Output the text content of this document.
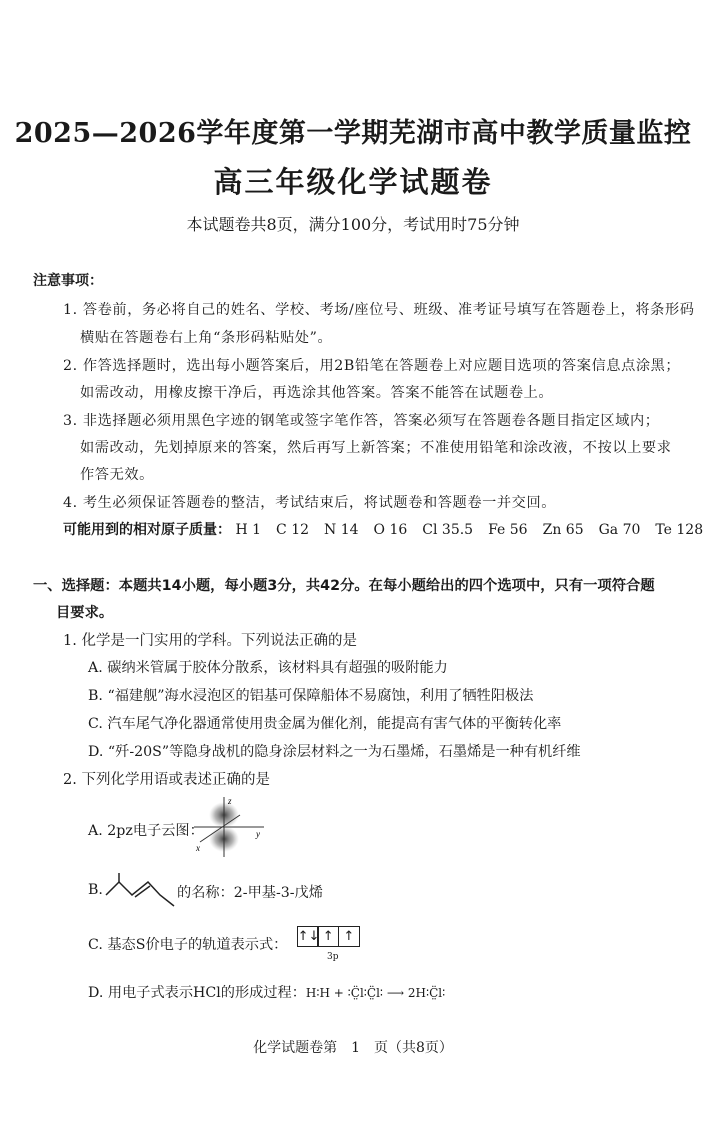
2025—2026学年度第一学期芜湖市高中教学质量监控
高三年级化学试题卷
本试题卷共8页，满分100分，考试用时75分钟
注意事项：
1. 答卷前，务必将自己的姓名、学校、考场/座位号、班级、准考证号填写在答题卷上，将条形码
横贴在答题卷右上角“条形码粘贴处”。
2. 作答选择题时，选出每小题答案后，用2B铅笔在答题卷上对应题目选项的答案信息点涂黑；
如需改动，用橡皮擦干净后，再选涂其他答案。答案不能答在试题卷上。
3. 非选择题必须用黑色字迹的钢笔或签字笔作答，答案必须写在答题卷各题目指定区域内；
如需改动，先划掉原来的答案，然后再写上新答案；不准使用铅笔和涂改液，不按以上要求
作答无效。
4. 考生必须保证答题卷的整洁，考试结束后，将试题卷和答题卷一并交回。
可能用到的相对原子质量： H 1 C 12 N 14 O 16 Cl 35.5 Fe 56 Zn 65 Ga 70 Te 128
一、选择题：本题共14小题，每小题3分，共42分。在每小题给出的四个选项中，只有一项符合题
目要求。
1. 化学是一门实用的学科。下列说法正确的是
A. 碳纳米管属于胶体分散系，该材料具有超强的吸附能力
B. “福建舰”海水浸泡区的铝基可保障船体不易腐蚀，利用了牺牲阳极法
C. 汽车尾气净化器通常使用贵金属为催化剂，能提高有害气体的平衡转化率
D. “歼-20S”等隐身战机的隐身涂层材料之一为石墨烯，石墨烯是一种有机纤维
2. 下列化学用语或表述正确的是
A. 2pz电子云图：
z
y
x
B.	的名称：2-甲基-3-戊烯
C. 基态S价电子的轨道表示式：
↑↓ ↑ ↑
3p
D. 用电子式表示HCl的形成过程：H∶H + ∶C̤̈l∶C̤̈l∶ ⟶ 2H∶C̤̈l∶
化学试题卷第　1　页（共8页）
